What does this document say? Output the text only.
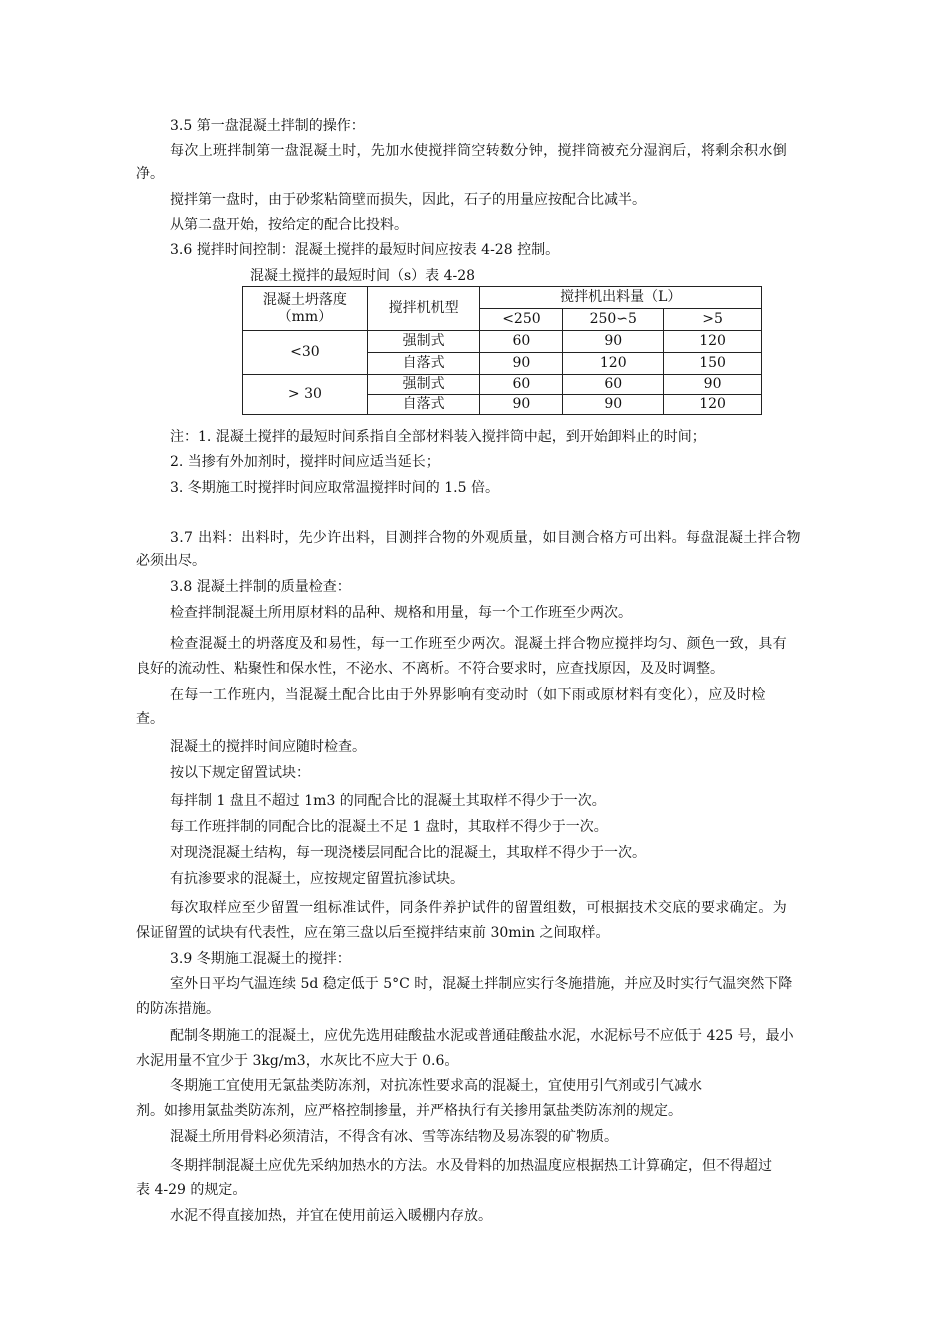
3.5 第一盘混凝土拌制的操作：
每次上班拌制第一盘混凝土时，先加水使搅拌筒空转数分钟，搅拌筒被充分湿润后，将剩余积水倒
净。
搅拌第一盘时，由于砂浆粘筒壁而损失，因此，石子的用量应按配合比减半。
从第二盘开始，按给定的配合比投料。
3.6 搅拌时间控制：混凝土搅拌的最短时间应按表 4-28 控制。
混凝土搅拌的最短时间（s）表 4-28
混凝土坍落度
（mm）	搅拌机机型	搅拌机出料量（L）		
		<250	250∽5	>5
<30	强制式	60	90	120
	自落式	90	120	150
> 30	强制式	60	60	90
	自落式	90	90	120
注：1. 混凝土搅拌的最短时间系指自全部材料装入搅拌筒中起，到开始卸料止的时间；
2. 当掺有外加剂时，搅拌时间应适当延长；
3. 冬期施工时搅拌时间应取常温搅拌时间的 1.5 倍。
3.7 出料：出料时，先少许出料，目测拌合物的外观质量，如目测合格方可出料。每盘混凝土拌合物
必须出尽。
3.8 混凝土拌制的质量检查：
检查拌制混凝土所用原材料的品种、规格和用量，每一个工作班至少两次。
检查混凝土的坍落度及和易性，每一工作班至少两次。混凝土拌合物应搅拌均匀、颜色一致，具有
良好的流动性、粘聚性和保水性，不泌水、不离析。不符合要求时，应查找原因，及及时调整。
在每一工作班内，当混凝土配合比由于外界影响有变动时（如下雨或原材料有变化），应及时检
查。
混凝土的搅拌时间应随时检查。
按以下规定留置试块：
每拌制 1 盘且不超过 1m3 的同配合比的混凝土其取样不得少于一次。
每工作班拌制的同配合比的混凝土不足 1 盘时，其取样不得少于一次。
对现浇混凝土结构，每一现浇楼层同配合比的混凝土，其取样不得少于一次。
有抗渗要求的混凝土，应按规定留置抗渗试块。
每次取样应至少留置一组标准试件，同条件养护试件的留置组数，可根据技术交底的要求确定。为
保证留置的试块有代表性，应在第三盘以后至搅拌结束前 30min 之间取样。
3.9 冬期施工混凝土的搅拌：
室外日平均气温连续 5d 稳定低于 5°C 时，混凝土拌制应实行冬施措施，并应及时实行气温突然下降
的防冻措施。
配制冬期施工的混凝土，应优先选用硅酸盐水泥或普通硅酸盐水泥，水泥标号不应低于 425 号，最小
水泥用量不宜少于 3kg/m3，水灰比不应大于 0.6。
冬期施工宜使用无氯盐类防冻剂，对抗冻性要求高的混凝土，宜使用引气剂或引气减水
剂。如掺用氯盐类防冻剂，应严格控制掺量，并严格执行有关掺用氯盐类防冻剂的规定。
混凝土所用骨料必须清洁，不得含有冰、雪等冻结物及易冻裂的矿物质。
冬期拌制混凝土应优先采纳加热水的方法。水及骨料的加热温度应根据热工计算确定，但不得超过
表 4-29 的规定。
水泥不得直接加热，并宜在使用前运入暖棚内存放。
